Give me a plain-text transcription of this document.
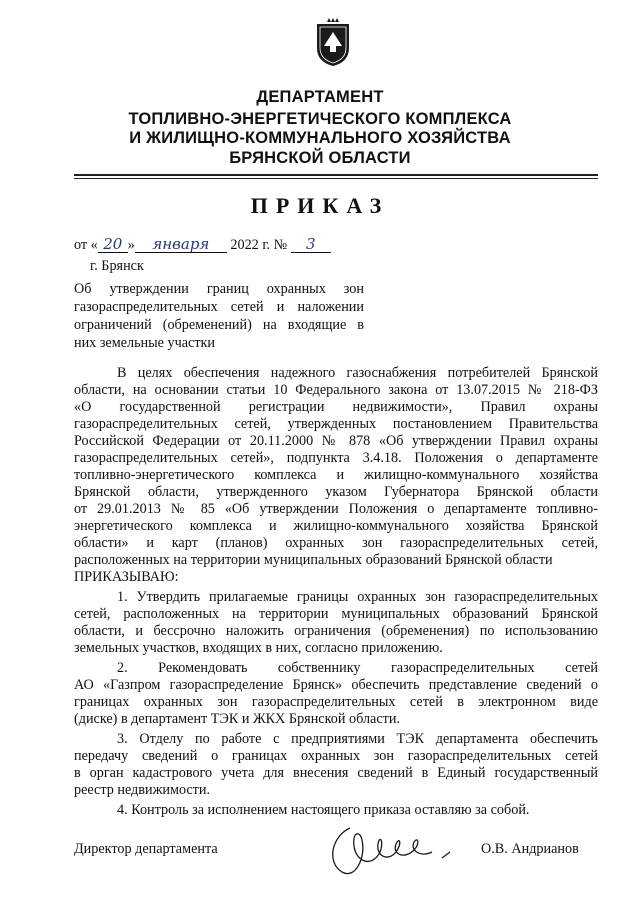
ДЕПАРТАМЕНТ
ТОПЛИВНО-ЭНЕРГЕТИЧЕСКОГО КОМПЛЕКСА
И ЖИЛИЩНО-КОММУНАЛЬНОГО ХОЗЯЙСТВА
БРЯНСКОЙ ОБЛАСТИ
ПРИКАЗ
от « 20 » января 2022 г. № 3
г. Брянск
Об утверждении границ охранных зон
газораспределительных сетей и наложении
ограничений (обременений) на входящие в
них земельные участки
В целях обеспечения надежного газоснабжения потребителей Брянской
области, на основании статьи 10 Федерального закона от 13.07.2015 № 218-ФЗ
«О государственной регистрации недвижимости», Правил охраны
газораспределительных сетей, утвержденных постановлением Правительства
Российской Федерации от 20.11.2000 № 878 «Об утверждении Правил охраны
газораспределительных сетей», подпункта 3.4.18. Положения о департаменте
топливно-энергетического комплекса и жилищно-коммунального хозяйства
Брянской области, утвержденного указом Губернатора Брянской области
от 29.01.2013 № 85 «Об утверждении Положения о департаменте топливно-
энергетического комплекса и жилищно-коммунального хозяйства Брянской
области» и карт (планов) охранных зон газораспределительных сетей,
расположенных на территории муниципальных образований Брянской области
ПРИКАЗЫВАЮ:
1. Утвердить прилагаемые границы охранных зон газораспределительных
сетей, расположенных на территории муниципальных образований Брянской
области, и бессрочно наложить ограничения (обременения) по использованию
земельных участков, входящих в них, согласно приложению.
2. Рекомендовать собственнику газораспределительных сетей
АО «Газпром газораспределение Брянск» обеспечить представление сведений о
границах охранных зон газораспределительных сетей в электронном виде
(диске) в департамент ТЭК и ЖКХ Брянской области.
3. Отделу по работе с предприятиями ТЭК департамента обеспечить
передачу сведений о границах охранных зон газораспределительных сетей
в орган кадастрового учета для внесения сведений в Единый государственный
реестр недвижимости.
4. Контроль за исполнением настоящего приказа оставляю за собой.
Директор департамента	О.В. Андрианов
